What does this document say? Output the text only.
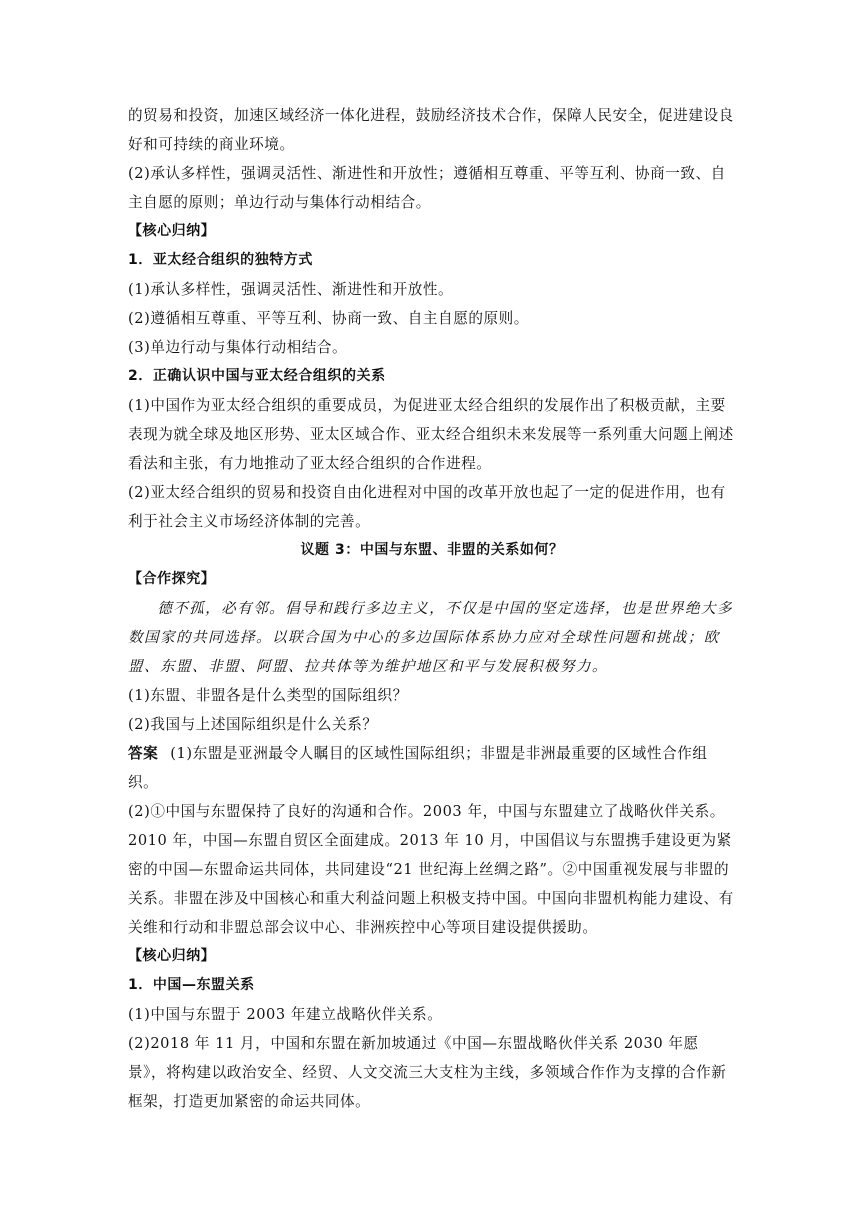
的贸易和投资，加速区域经济一体化进程，鼓励经济技术合作，保障人民安全，促进建设良好和可持续的商业环境。

(2)承认多样性，强调灵活性、渐进性和开放性；遵循相互尊重、平等互利、协商一致、自主自愿的原则；单边行动与集体行动相结合。

【核心归纳】

1．亚太经合组织的独特方式

(1)承认多样性，强调灵活性、渐进性和开放性。

(2)遵循相互尊重、平等互利、协商一致、自主自愿的原则。

(3)单边行动与集体行动相结合。

2．正确认识中国与亚太经合组织的关系

(1)中国作为亚太经合组织的重要成员，为促进亚太经合组织的发展作出了积极贡献，主要表现为就全球及地区形势、亚太区域合作、亚太经合组织未来发展等一系列重大问题上阐述看法和主张，有力地推动了亚太经合组织的合作进程。

(2)亚太经合组织的贸易和投资自由化进程对中国的改革开放也起了一定的促进作用，也有利于社会主义市场经济体制的完善。

议题 3：中国与东盟、非盟的关系如何？

【合作探究】

德不孤，必有邻。倡导和践行多边主义，不仅是中国的坚定选择，也是世界绝大多数国家的共同选择。以联合国为中心的多边国际体系协力应对全球性问题和挑战；欧盟、东盟、非盟、阿盟、拉共体等为维护地区和平与发展积极努力。

(1)东盟、非盟各是什么类型的国际组织？

(2)我国与上述国际组织是什么关系？

答案 (1)东盟是亚洲最令人瞩目的区域性国际组织；非盟是非洲最重要的区域性合作组织。

(2)①中国与东盟保持了良好的沟通和合作。2003 年，中国与东盟建立了战略伙伴关系。2010 年，中国—东盟自贸区全面建成。2013 年 10 月，中国倡议与东盟携手建设更为紧密的中国—东盟命运共同体，共同建设“21 世纪海上丝绸之路”。②中国重视发展与非盟的关系。非盟在涉及中国核心和重大利益问题上积极支持中国。中国向非盟机构能力建设、有关维和行动和非盟总部会议中心、非洲疾控中心等项目建设提供援助。

【核心归纳】

1．中国—东盟关系

(1)中国与东盟于 2003 年建立战略伙伴关系。

(2)2018 年 11 月，中国和东盟在新加坡通过《中国—东盟战略伙伴关系 2030 年愿景》，将构建以政治安全、经贸、人文交流三大支柱为主线，多领域合作作为支撑的合作新框架，打造更加紧密的命运共同体。
